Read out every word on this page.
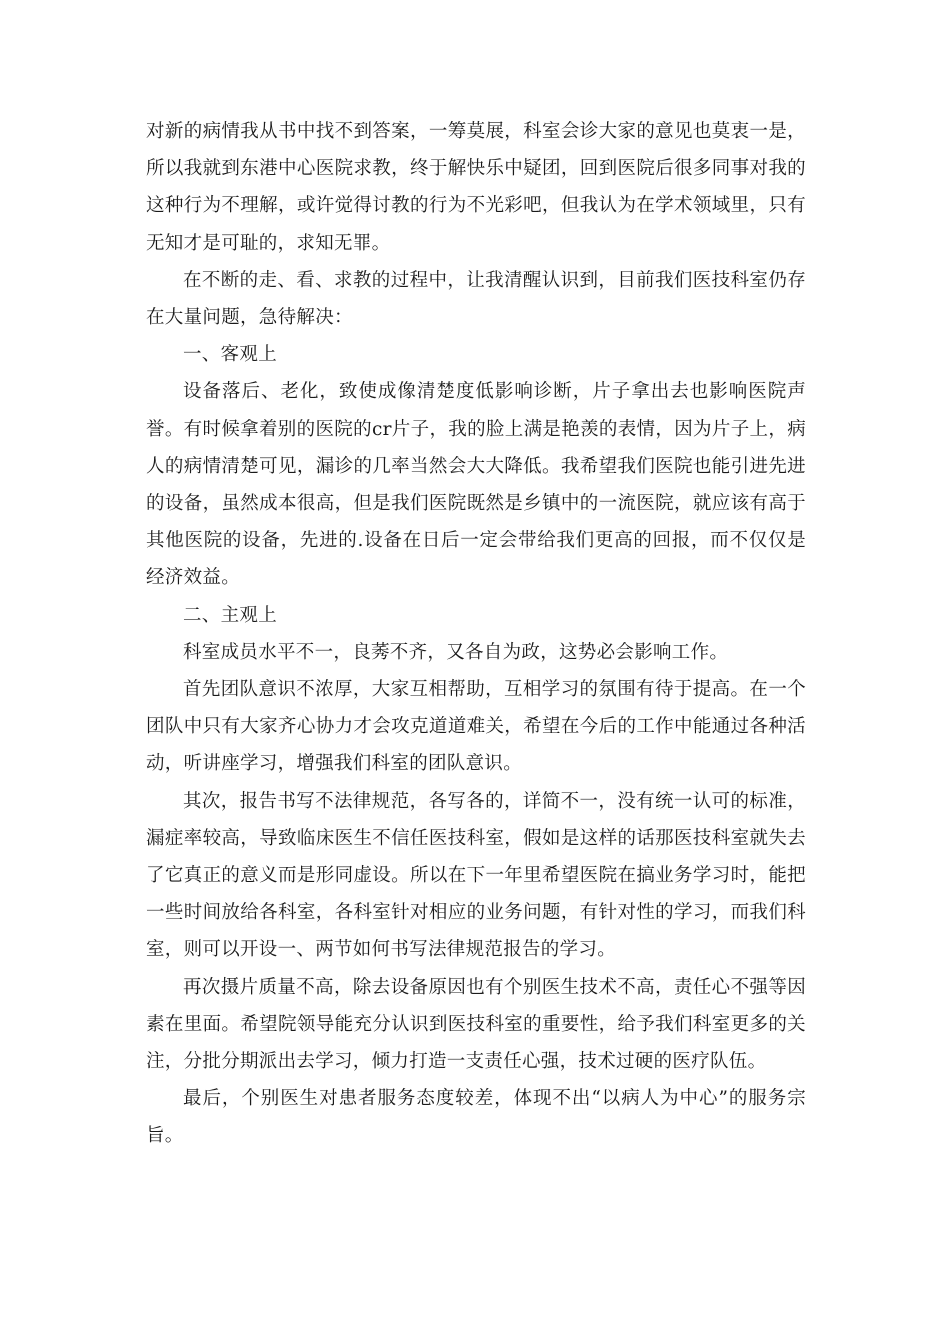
对新的病情我从书中找不到答案，一筹莫展，科室会诊大家的意见也莫衷一是，所以我就到东港中心医院求教，终于解快乐中疑团，回到医院后很多同事对我的这种行为不理解，或许觉得讨教的行为不光彩吧，但我认为在学术领域里，只有无知才是可耻的，求知无罪。

在不断的走、看、求教的过程中，让我清醒认识到，目前我们医技科室仍存在大量问题，急待解决：

一、客观上

设备落后、老化，致使成像清楚度低影响诊断，片子拿出去也影响医院声誉。有时候拿着别的医院的cr片子，我的脸上满是艳羡的表情，因为片子上，病人的病情清楚可见，漏诊的几率当然会大大降低。我希望我们医院也能引进先进的设备，虽然成本很高，但是我们医院既然是乡镇中的一流医院，就应该有高于其他医院的设备，先进的.设备在日后一定会带给我们更高的回报，而不仅仅是经济效益。

二、主观上

科室成员水平不一，良莠不齐，又各自为政，这势必会影响工作。

首先团队意识不浓厚，大家互相帮助，互相学习的氛围有待于提高。在一个团队中只有大家齐心协力才会攻克道道难关，希望在今后的工作中能通过各种活动，听讲座学习，增强我们科室的团队意识。

其次，报告书写不法律规范，各写各的，详简不一，没有统一认可的标准，漏症率较高，导致临床医生不信任医技科室，假如是这样的话那医技科室就失去了它真正的意义而是形同虚设。所以在下一年里希望医院在搞业务学习时，能把一些时间放给各科室，各科室针对相应的业务问题，有针对性的学习，而我们科室，则可以开设一、两节如何书写法律规范报告的学习。

再次摄片质量不高，除去设备原因也有个别医生技术不高，责任心不强等因素在里面。希望院领导能充分认识到医技科室的重要性，给予我们科室更多的关注，分批分期派出去学习，倾力打造一支责任心强，技术过硬的医疗队伍。

最后，个别医生对患者服务态度较差，体现不出“以病人为中心”的服务宗旨。
